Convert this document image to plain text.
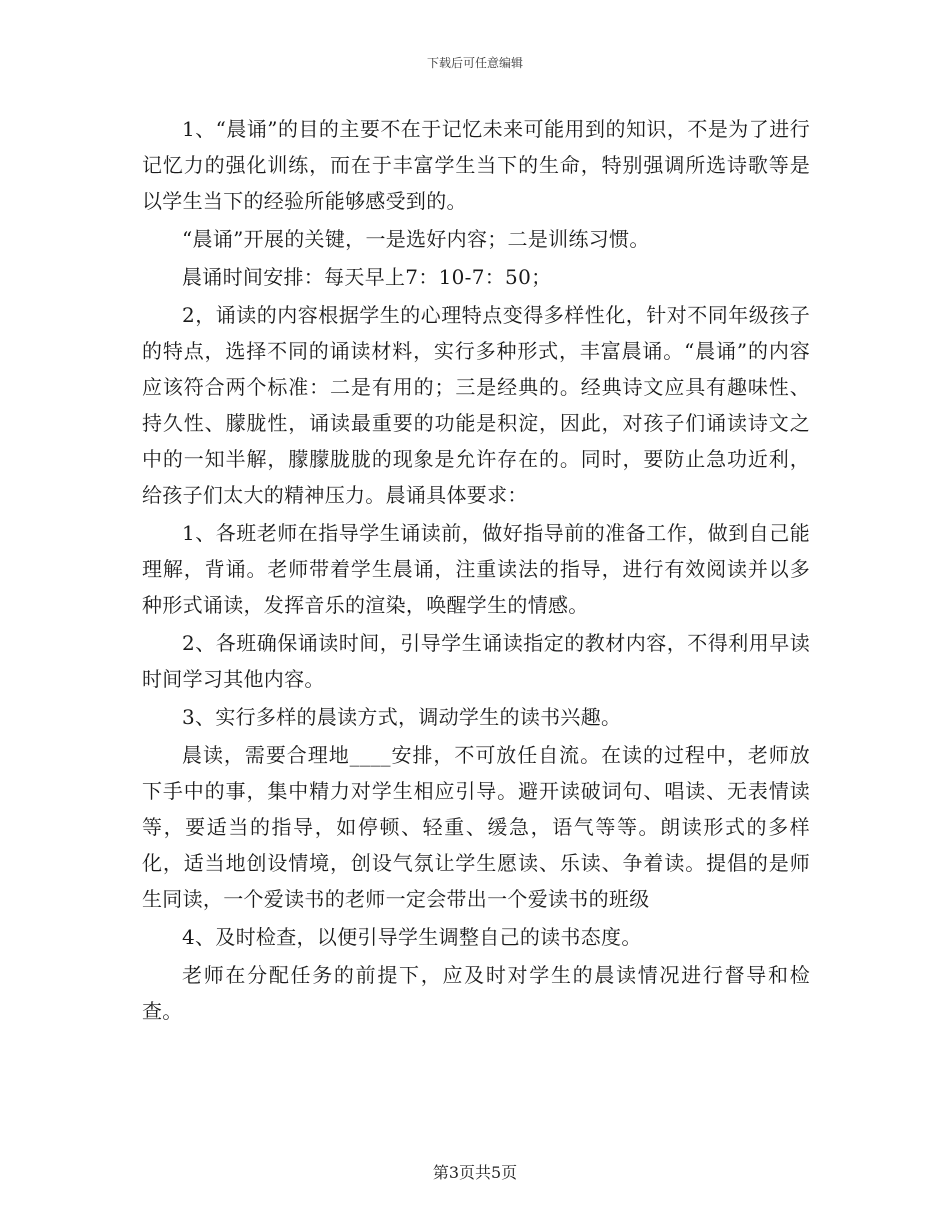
下载后可任意编辑

1、“晨诵”的目的主要不在于记忆未来可能用到的知识，不是为了进行记忆力的强化训练，而在于丰富学生当下的生命，特别强调所选诗歌等是以学生当下的经验所能够感受到的。

“晨诵”开展的关键，一是选好内容；二是训练习惯。

晨诵时间安排：每天早上7：10-7：50；

2，诵读的内容根据学生的心理特点变得多样性化，针对不同年级孩子的特点，选择不同的诵读材料，实行多种形式，丰富晨诵。“晨诵”的内容应该符合两个标准：二是有用的；三是经典的。经典诗文应具有趣味性、持久性、朦胧性，诵读最重要的功能是积淀，因此，对孩子们诵读诗文之中的一知半解，朦朦胧胧的现象是允许存在的。同时，要防止急功近利，给孩子们太大的精神压力。晨诵具体要求：

1、各班老师在指导学生诵读前，做好指导前的准备工作，做到自己能理解，背诵。老师带着学生晨诵，注重读法的指导，进行有效阅读并以多种形式诵读，发挥音乐的渲染，唤醒学生的情感。

2、各班确保诵读时间，引导学生诵读指定的教材内容，不得利用早读时间学习其他内容。

3、实行多样的晨读方式，调动学生的读书兴趣。

晨读，需要合理地____安排，不可放任自流。在读的过程中，老师放下手中的事，集中精力对学生相应引导。避开读破词句、唱读、无表情读等，要适当的指导，如停顿、轻重、缓急，语气等等。朗读形式的多样化，适当地创设情境，创设气氛让学生愿读、乐读、争着读。提倡的是师生同读，一个爱读书的老师一定会带出一个爱读书的班级

4、及时检查，以便引导学生调整自己的读书态度。

老师在分配任务的前提下，应及时对学生的晨读情况进行督导和检查。

第3页共5页
